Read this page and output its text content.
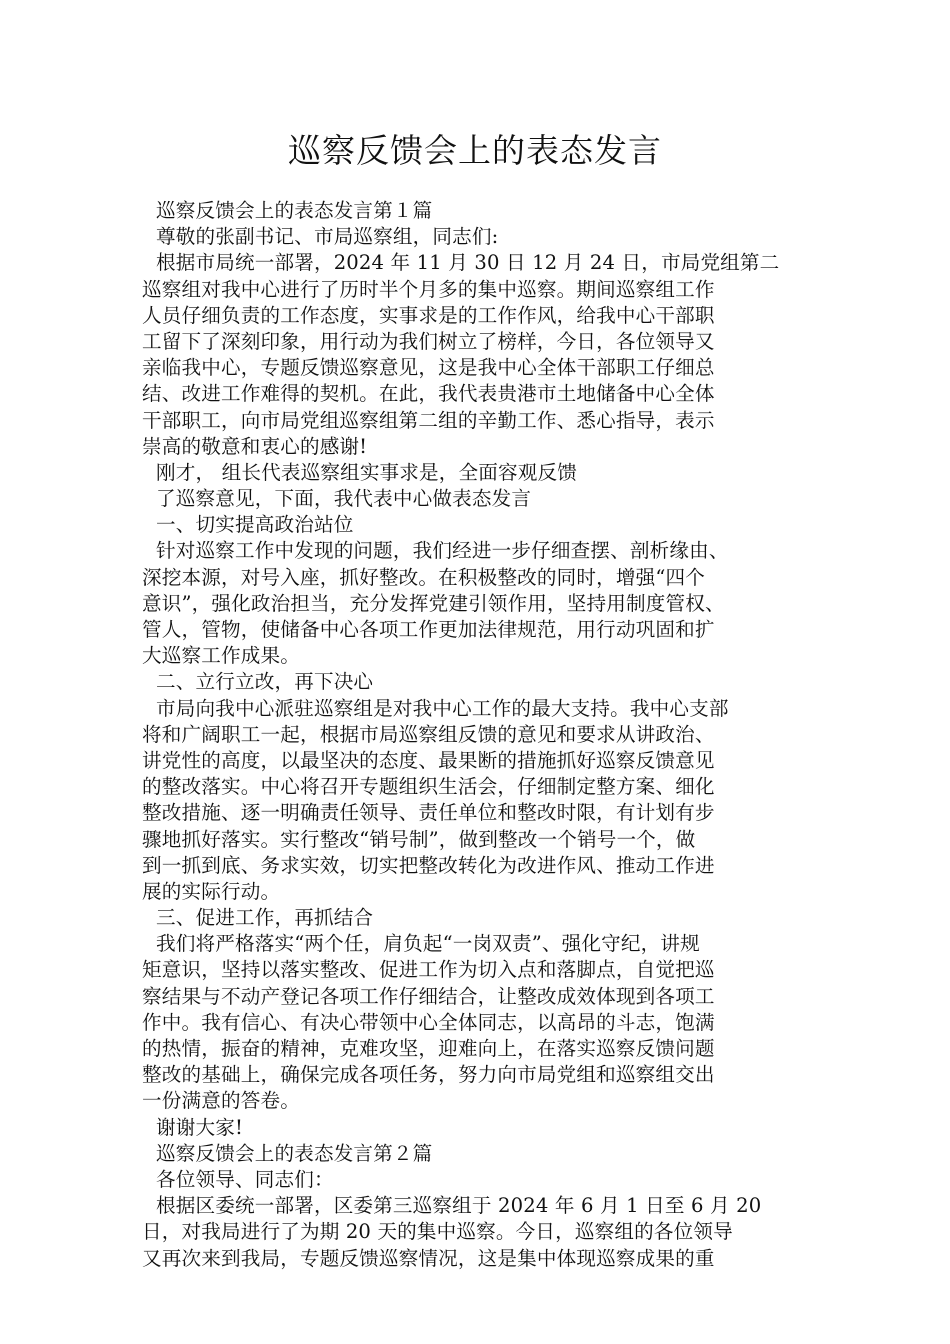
巡察反馈会上的表态发言
巡察反馈会上的表态发言第１篇
尊敬的张副书记、市局巡察组，同志们:
根据市局统一部署，2024 年 11 月 30 日 12 月 24 日，市局党组第二
巡察组对我中心进行了历时半个月多的集中巡察。期间巡察组工作
人员仔细负责的工作态度，实事求是的工作作风，给我中心干部职
工留下了深刻印象，用行动为我们树立了榜样，今日，各位领导又
亲临我中心，专题反馈巡察意见，这是我中心全体干部职工仔细总
结、改进工作难得的契机。在此，我代表贵港市土地储备中心全体
干部职工，向市局党组巡察组第二组的辛勤工作、悉心指导，表示
崇高的敬意和衷心的感谢!
刚才， 组长代表巡察组实事求是，全面容观反馈
了巡察意见，下面，我代表中心做表态发言
一、切实提高政治站位
针对巡察工作中发现的问题，我们经进一步仔细查摆、剖析缘由、
深挖本源，对号入座，抓好整改。在积极整改的同时，增强“四个
意识”，强化政治担当，充分发挥党建引领作用，坚持用制度管权、
管人，管物，使储备中心各项工作更加法律规范，用行动巩固和扩
大巡察工作成果。
二、立行立改，再下决心
市局向我中心派驻巡察组是对我中心工作的最大支持。我中心支部
将和广阔职工一起，根据市局巡察组反馈的意见和要求从讲政治、
讲党性的高度，以最坚决的态度、最果断的措施抓好巡察反馈意见
的整改落实。中心将召开专题组织生活会，仔细制定整方案、细化
整改措施、逐一明确责任领导、责任单位和整改时限，有计划有步
骤地抓好落实。实行整改“销号制”，做到整改一个销号一个，做
到一抓到底、务求实效，切实把整改转化为改进作风、推动工作进
展的实际行动。
三、促进工作，再抓结合
我们将严格落实“两个任，肩负起“一岗双责”、强化守纪，讲规
矩意识，坚持以落实整改、促进工作为切入点和落脚点，自觉把巡
察结果与不动产登记各项工作仔细结合，让整改成效体现到各项工
作中。我有信心、有决心带领中心全体同志，以高昂的斗志，饱满
的热情，振奋的精神，克难攻坚，迎难向上，在落实巡察反馈问题
整改的基础上，确保完成各项任务，努力向市局党组和巡察组交出
一份满意的答卷。
谢谢大家!
巡察反馈会上的表态发言第２篇
各位领导、同志们：
根据区委统一部署，区委第三巡察组于 2024 年 6 月 1 日至 6 月 20
日，对我局进行了为期 20 天的集中巡察。今日，巡察组的各位领导
又再次来到我局，专题反馈巡察情况，这是集中体现巡察成果的重
